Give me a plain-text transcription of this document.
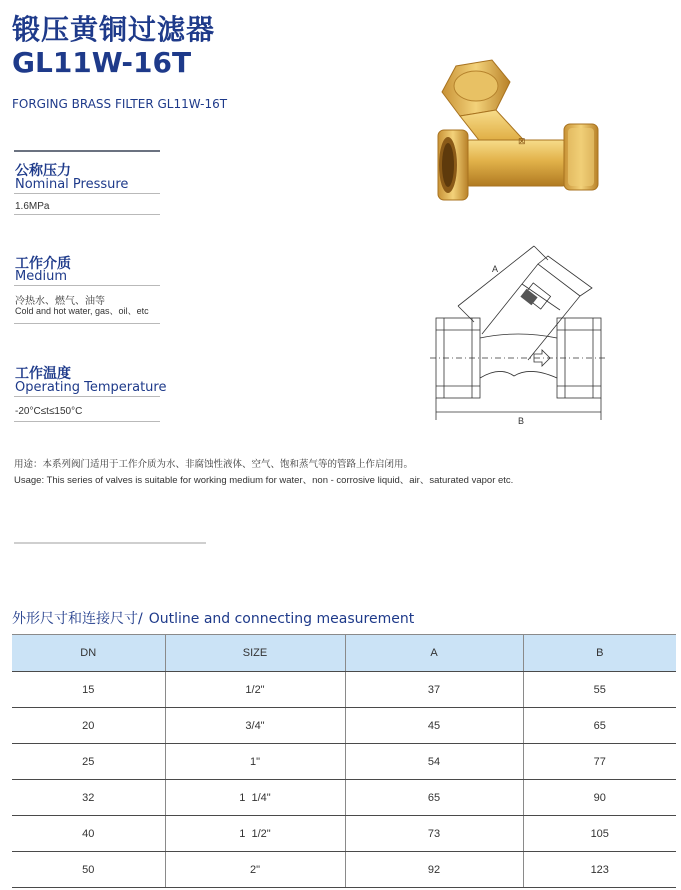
锻压黄铜过滤器
GL11W-16T
FORGING BRASS FILTER GL11W-16T
公称压力
Nominal Pressure
1.6MPa
工作介质
Medium
冷热水、燃气、油等
Cold and hot water, gas、oil、etc
工作温度
Operating Temperature
-20°C≤t≤150°C
⊠
A
B
用途：本系列阀门适用于工作介质为水、非腐蚀性液体、空气、饱和蒸气等的管路上作启闭用。
Usage: This series of valves is suitable for working medium for water、non - corrosive liquid、air、saturated vapor etc.
外形尺寸和连接尺寸/ Outline and connecting measurement
DN	SIZE	A	B
15	1/2"	37	55
20	3/4"	45	65
25	1"	54	77
32	1  1/4"	65	90
40	1  1/2"	73	105
50	2"	92	123
